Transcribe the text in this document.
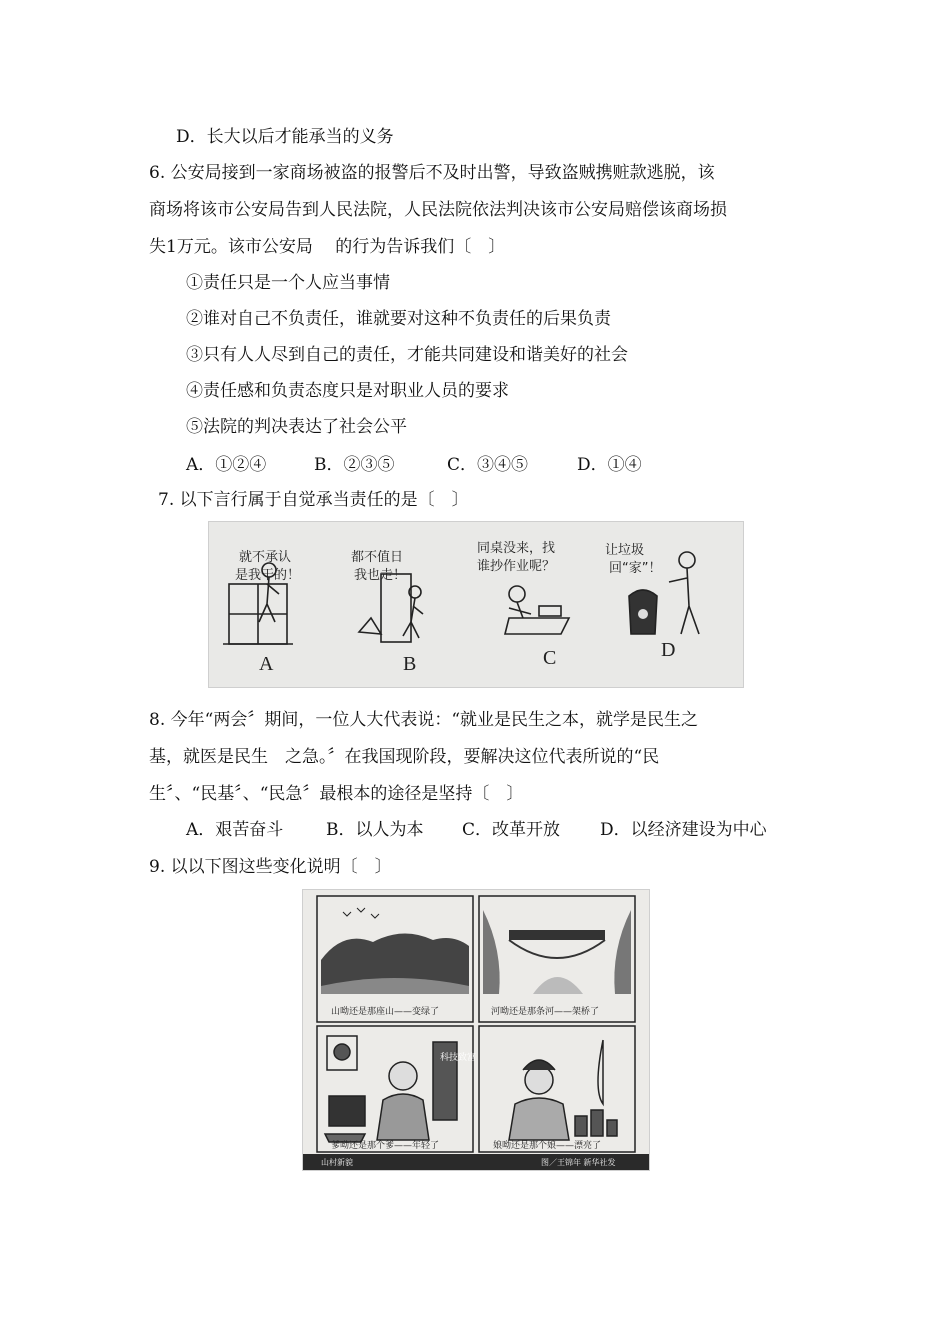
D．长大以后才能承当的义务
6. 公安局接到一家商场被盗的报警后不及时出警，导致盗贼携赃款逃脱，该
商场将该市公安局告到人民法院，人民法院依法判决该市公安局赔偿该商场损
失1万元。该市公安局　 的行为告诉我们〔　〕
①责任只是一个人应当事情
②谁对自己不负责任，谁就要对这种不负责任的后果负责
③只有人人尽到自己的责任，才能共同建设和谐美好的社会
④责任感和负责态度只是对职业人员的要求
⑤法院的判决表达了社会公平
A．①②④	B．②③⑤	C．③④⑤	D．①④
7. 以下言行属于自觉承当责任的是〔　〕
就不承认
是我干的！
A
都不值日
我也走！
B
同桌没来，找
谁抄作业呢？
C
让垃圾
回“家”！
D
8. 今年“两会〞期间，一位人大代表说：“就业是民生之本，就学是民生之
基，就医是民生　之急。〞在我国现阶段，要解决这位代表所说的“民
生〞、“民基〞、“民急〞最根本的途径是坚持〔　〕
A．艰苦奋斗	B．以人为本 C．改革开放 D．以经济建设为中心
9. 以以下图这些变化说明〔　〕
山呦还是那座山——变绿了	河呦还是那条河——架桥了
科技致富
爹呦还是那个爹——年轻了	娘呦还是那个娘——漂亮了
山村新貌	图／王锦年 新华社发
